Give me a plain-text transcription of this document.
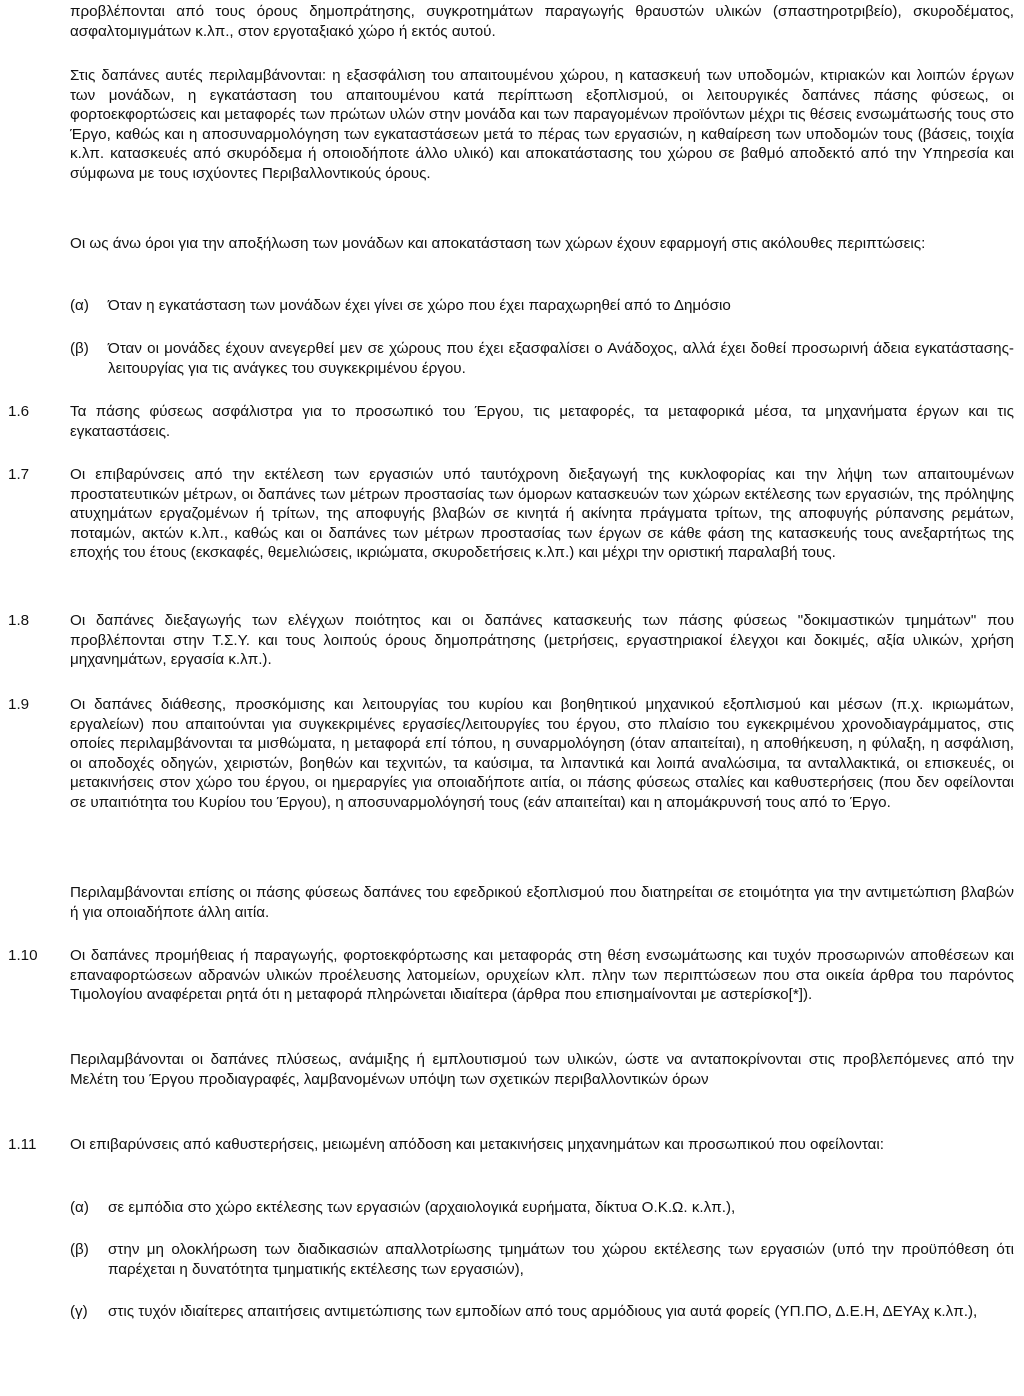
προβλέπονται από τους όρους δημοπράτησης, συγκροτημάτων παραγωγής θραυστών υλικών (σπαστηροτριβείο), σκυροδέματος, ασφαλτομιγμάτων κ.λπ., στον εργοταξιακό χώρο ή εκτός αυτού.
Στις δαπάνες αυτές περιλαμβάνονται: η εξασφάλιση του απαιτουμένου χώρου, η κατασκευή των υποδομών, κτιριακών και λοιπών έργων των μονάδων, η εγκατάσταση του απαιτουμένου κατά περίπτωση εξοπλισμού, οι λειτουργικές δαπάνες πάσης φύσεως, οι φορτοεκφορτώσεις και μεταφορές των πρώτων υλών στην μονάδα και των παραγομένων προϊόντων μέχρι τις θέσεις ενσωμάτωσής τους στο Έργο, καθώς και η αποσυναρμολόγηση των εγκαταστάσεων μετά το πέρας των εργασιών, η καθαίρεση των υποδομών τους (βάσεις, τοιχία κ.λπ. κατασκευές από σκυρόδεμα ή οποιοδήποτε άλλο υλικό) και αποκατάστασης του χώρου σε βαθμό αποδεκτό από την Υπηρεσία και σύμφωνα με τους ισχύοντες Περιβαλλοντικούς όρους.
Οι ως άνω όροι για την αποξήλωση των μονάδων και αποκατάσταση των χώρων έχουν εφαρμογή στις ακόλουθες περιπτώσεις:
(α)	Όταν η εγκατάσταση των μονάδων έχει γίνει σε χώρο που έχει παραχωρηθεί από το Δημόσιο
(β)	Όταν οι μονάδες έχουν ανεγερθεί μεν σε χώρους που έχει εξασφαλίσει ο Ανάδοχος, αλλά έχει δοθεί προσωρινή άδεια εγκατάστασης-λειτουργίας για τις ανάγκες του συγκεκριμένου έργου.
1.6	Τα πάσης φύσεως ασφάλιστρα για το προσωπικό του Έργου, τις μεταφορές, τα μεταφορικά μέσα, τα μηχανήματα έργων και τις εγκαταστάσεις.
1.7	Οι επιβαρύνσεις από την εκτέλεση των εργασιών υπό ταυτόχρονη διεξαγωγή της κυκλοφορίας και την λήψη των απαιτουμένων προστατευτικών μέτρων, οι δαπάνες των μέτρων προστασίας των όμορων κατασκευών των χώρων εκτέλεσης των εργασιών, της πρόληψης ατυχημάτων εργαζομένων ή τρίτων, της αποφυγής βλαβών σε κινητά ή ακίνητα πράγματα τρίτων, της αποφυγής ρύπανσης ρεμάτων, ποταμών, ακτών κ.λπ., καθώς και οι δαπάνες των μέτρων προστασίας των έργων σε κάθε φάση της κατασκευής τους ανεξαρτήτως της εποχής του έτους (εκσκαφές, θεμελιώσεις, ικριώματα, σκυροδετήσεις κ.λπ.) και μέχρι την οριστική παραλαβή τους.
1.8	Οι δαπάνες διεξαγωγής των ελέγχων ποιότητος και οι δαπάνες κατασκευής των πάσης φύσεως "δοκιμαστικών τμημάτων" που προβλέπονται στην Τ.Σ.Υ. και τους λοιπούς όρους δημοπράτησης (μετρήσεις, εργαστηριακοί έλεγχοι και δοκιμές, αξία υλικών, χρήση μηχανημάτων, εργασία κ.λπ.).
1.9	Οι δαπάνες διάθεσης, προσκόμισης και λειτουργίας του κυρίου και βοηθητικού μηχανικού εξοπλισμού και μέσων (π.χ. ικριωμάτων, εργαλείων) που απαιτούνται για συγκεκριμένες εργασίες/λειτουργίες του έργου, στο πλαίσιο του εγκεκριμένου χρονοδιαγράμματος, στις οποίες περιλαμβάνονται τα μισθώματα, η μεταφορά επί τόπου, η συναρμολόγηση (όταν απαιτείται), η αποθήκευση, η φύλαξη, η ασφάλιση, οι αποδοχές οδηγών, χειριστών, βοηθών και τεχνιτών, τα καύσιμα, τα λιπαντικά και λοιπά αναλώσιμα, τα ανταλλακτικά, οι επισκευές, οι μετακινήσεις στον χώρο του έργου, οι ημεραργίες για οποιαδήποτε αιτία, οι πάσης φύσεως σταλίες και καθυστερήσεις (που δεν οφείλονται σε υπαιτιότητα του Κυρίου του Έργου), η αποσυναρμολόγησή τους (εάν απαιτείται) και η απομάκρυνσή τους από το Έργο.
Περιλαμβάνονται επίσης οι πάσης φύσεως δαπάνες του εφεδρικού εξοπλισμού που διατηρείται σε ετοιμότητα για την αντιμετώπιση βλαβών ή για οποιαδήποτε άλλη αιτία.
1.10	Οι δαπάνες προμήθειας ή παραγωγής, φορτοεκφόρτωσης και μεταφοράς στη θέση ενσωμάτωσης και τυχόν προσωρινών αποθέσεων και επαναφορτώσεων αδρανών υλικών προέλευσης λατομείων, ορυχείων κλπ. πλην των περιπτώσεων που στα οικεία άρθρα του παρόντος Τιμολογίου αναφέρεται ρητά ότι η μεταφορά πληρώνεται ιδιαίτερα (άρθρα που επισημαίνονται με αστερίσκο[*]).
Περιλαμβάνονται οι δαπάνες πλύσεως, ανάμιξης ή εμπλουτισμού των υλικών, ώστε να ανταποκρίνονται στις προβλεπόμενες από την Μελέτη του Έργου προδιαγραφές, λαμβανομένων υπόψη των σχετικών περιβαλλοντικών όρων
1.11	Οι επιβαρύνσεις από καθυστερήσεις, μειωμένη απόδοση και μετακινήσεις μηχανημάτων και προσωπικού που οφείλονται:
(α)	σε εμπόδια στο χώρο εκτέλεσης των εργασιών (αρχαιολογικά ευρήματα, δίκτυα Ο.Κ.Ω. κ.λπ.),
(β)	στην μη ολοκλήρωση των διαδικασιών απαλλοτρίωσης τμημάτων του χώρου εκτέλεσης των εργασιών (υπό την προϋπόθεση ότι παρέχεται η δυνατότητα τμηματικής εκτέλεσης των εργασιών),
(γ)	στις τυχόν ιδιαίτερες απαιτήσεις αντιμετώπισης των εμποδίων από τους αρμόδιους για αυτά φορείς (ΥΠ.ΠΟ, Δ.Ε.Η, ΔΕΥΑχ κ.λπ.),
